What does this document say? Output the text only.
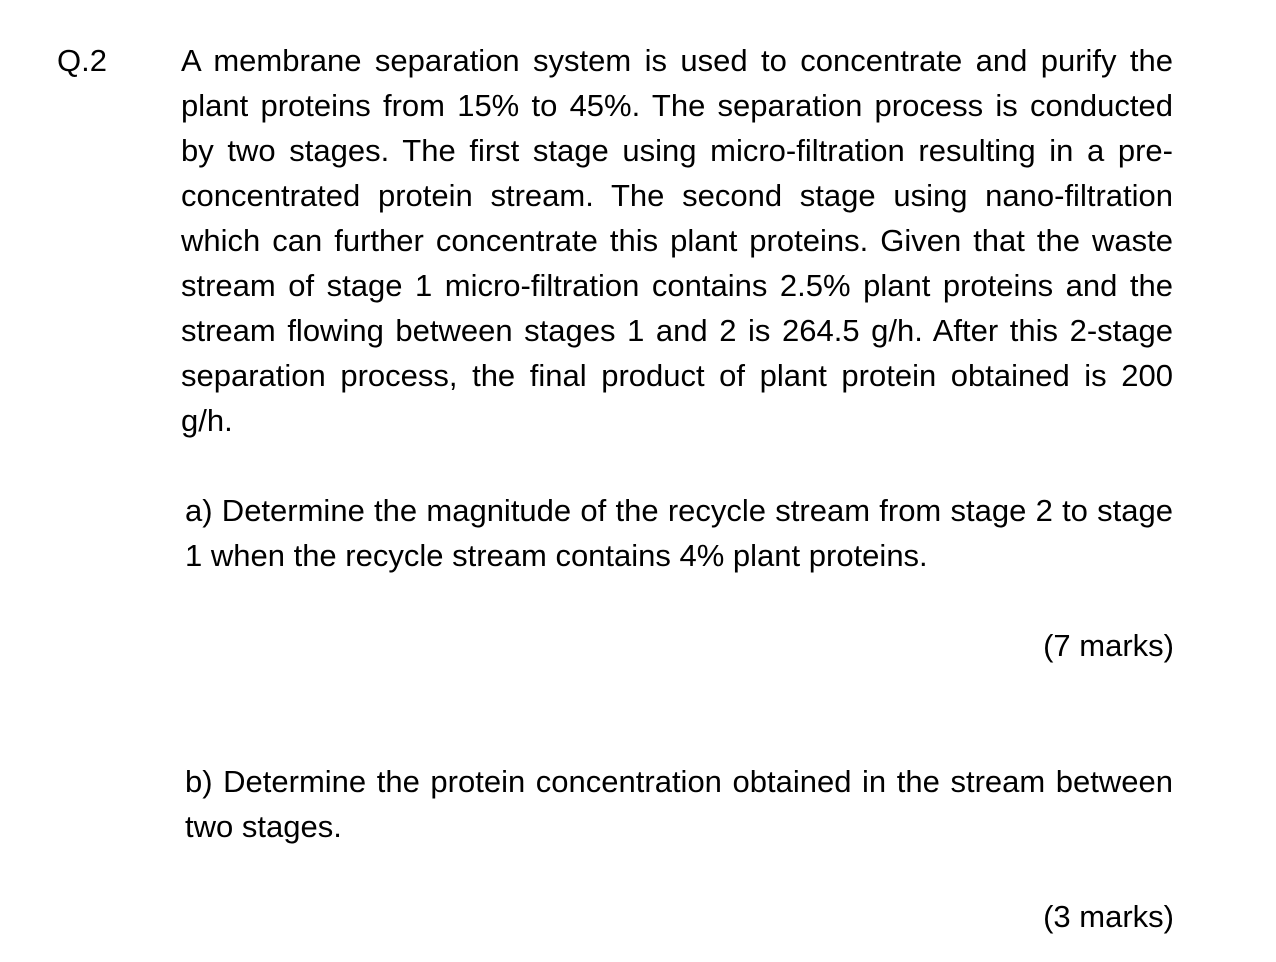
Q.2 A membrane separation system is used to concentrate and purify the plant proteins from 15% to 45%. The separation process is conducted by two stages. The first stage using micro-filtration resulting in a pre-concentrated protein stream. The second stage using nano-filtration which can further concentrate this plant proteins. Given that the waste stream of stage 1 micro-filtration contains 2.5% plant proteins and the stream flowing between stages 1 and 2 is 264.5 g/h. After this 2-stage separation process, the final product of plant protein obtained is 200 g/h.

a) Determine the magnitude of the recycle stream from stage 2 to stage 1 when the recycle stream contains 4% plant proteins.

(7 marks)

b) Determine the protein concentration obtained in the stream between two stages.

(3 marks)
